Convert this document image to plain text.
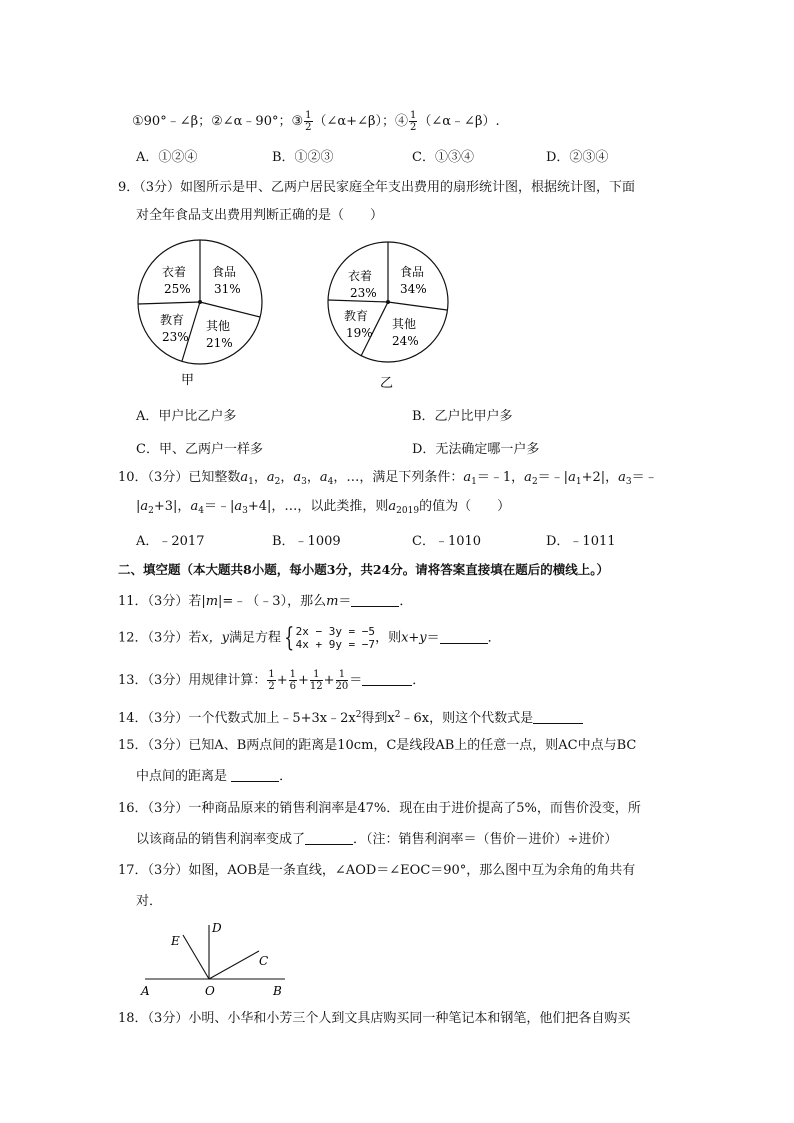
①90°﹣∠β；②∠α﹣90°；③ $\frac{1}{2}$ （∠α+∠β）；④ $\frac{1}{2}$ （∠α﹣∠β）.
A．①②④	B．①②③	C．①③④	D．②③④
9．（3分）如图所示是甲、乙两户居民家庭全年支出费用的扇形统计图，根据统计图，下面
对全年食品支出费用判断正确的是（　　）
衣着
25%
食品
31%
教育
23%
其他
21%
甲
衣着
23%
食品
34%
教育
19%
其他
24%
乙
A．甲户比乙户多	B．乙户比甲户多
C．甲、乙两户一样多	D．无法确定哪一户多
10．（3分）已知整数$a_1$，$a_2$，$a_3$，$a_4$，…，满足下列条件：$a_1=﹣1$，$a_2=﹣|a_1+2|$，$a_3=﹣$
$|a_2+3|$，$a_4=﹣|a_3+4|$，…，以此类推，则$a_{2019}$的值为（　　）
A．﹣2017	B．﹣1009	C．﹣1010	D．﹣1011
二、填空题（本大题共8小题，每小题3分，共24分。请将答案直接填在题后的横线上。）
11．（3分）若|m|=﹣（﹣3），那么m＝	．
12．（3分）若x，y满足方程 { 2x − 3y = −5
4x + 9y = −7 ，则x+y＝	．
13．（3分）用规律计算： $\frac{1}{2} + \frac{1}{6} + \frac{1}{12} + \frac{1}{20}$ ＝	．
14．（3分）一个代数式加上$﹣5+3x﹣2x^2$得到$x^2﹣6x$，则这个代数式是
15．（3分）已知A、B两点间的距离是10cm，C是线段AB上的任意一点，则AC中点与BC
中点间的距离是	．
16．（3分）一种商品原来的销售利润率是47%．现在由于进价提高了5%，而售价没变，所
以该商品的销售利润率变成了	．（注：销售利润率＝（售价－进价）÷进价）
17．（3分）如图，AOB是一条直线，∠AOD＝∠EOC＝90°，那么图中互为余角的角共有
对．
E
D
C
A	O	B
18．（3分）小明、小华和小芳三个人到文具店购买同一种笔记本和钢笔，他们把各自购买
